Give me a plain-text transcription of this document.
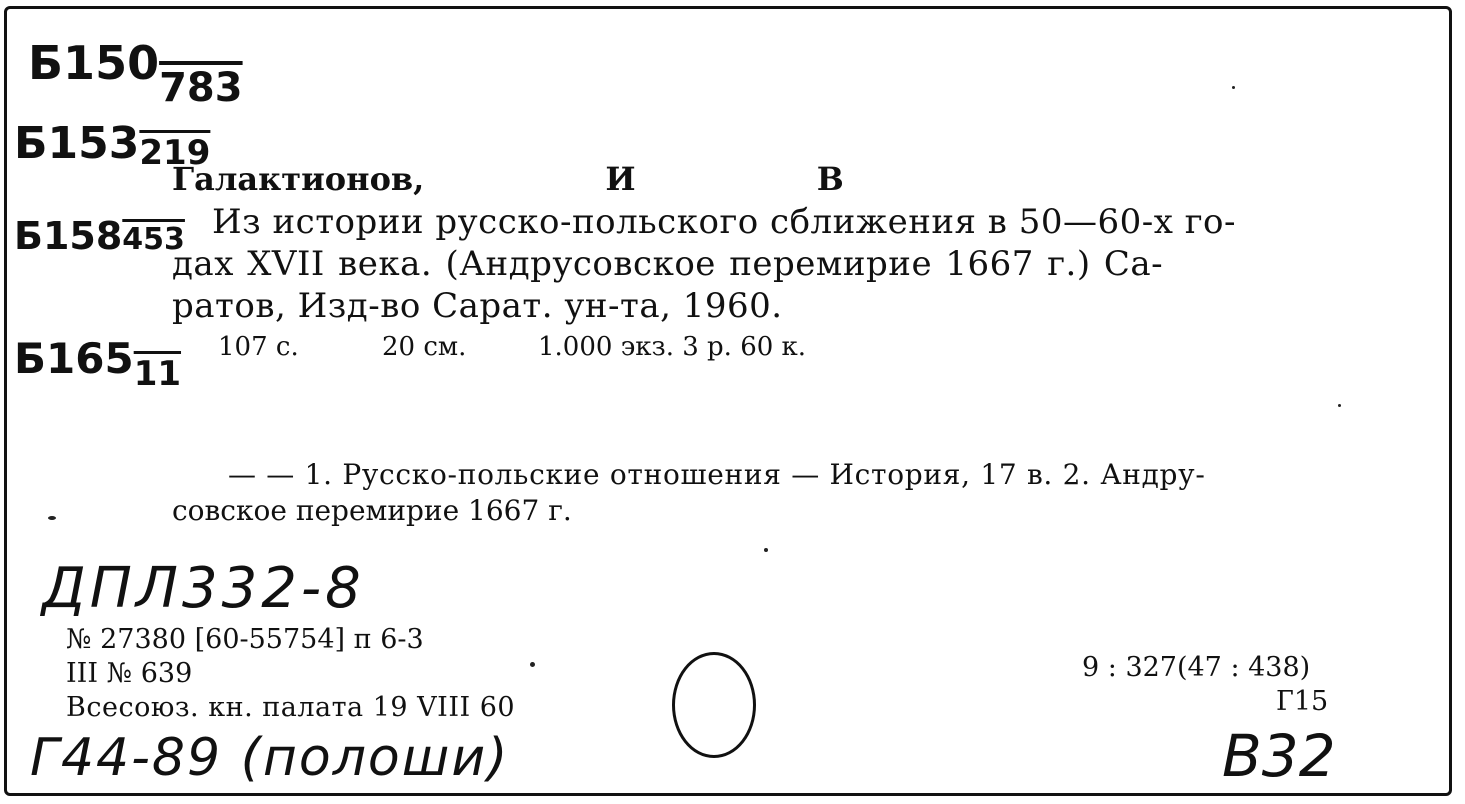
Б150783
Б153219
Б158453
$Б165_{11}$
Галактионов, И В
Из истории русско-польского сближения в 50—60-х го-
дах XVII века. (Андрусовское перемирие 1667 г.) Са-
ратов, Изд-во Сарат. ун-та, 1960.
107 с.	20 см.	1.000 экз. 3 р. 60 к.
— — 1. Русско-польские отношения — История, 17 в. 2. Андру-
совское перемирие 1667 г.
ДПЛ332-8
№ 27380 [60-55754] п 6-3
III № 639
Всесоюз. кн. палата 19 VIII 60
9 : 327(47 : 438)
Г15
Г44-89 (полоши)	В32
